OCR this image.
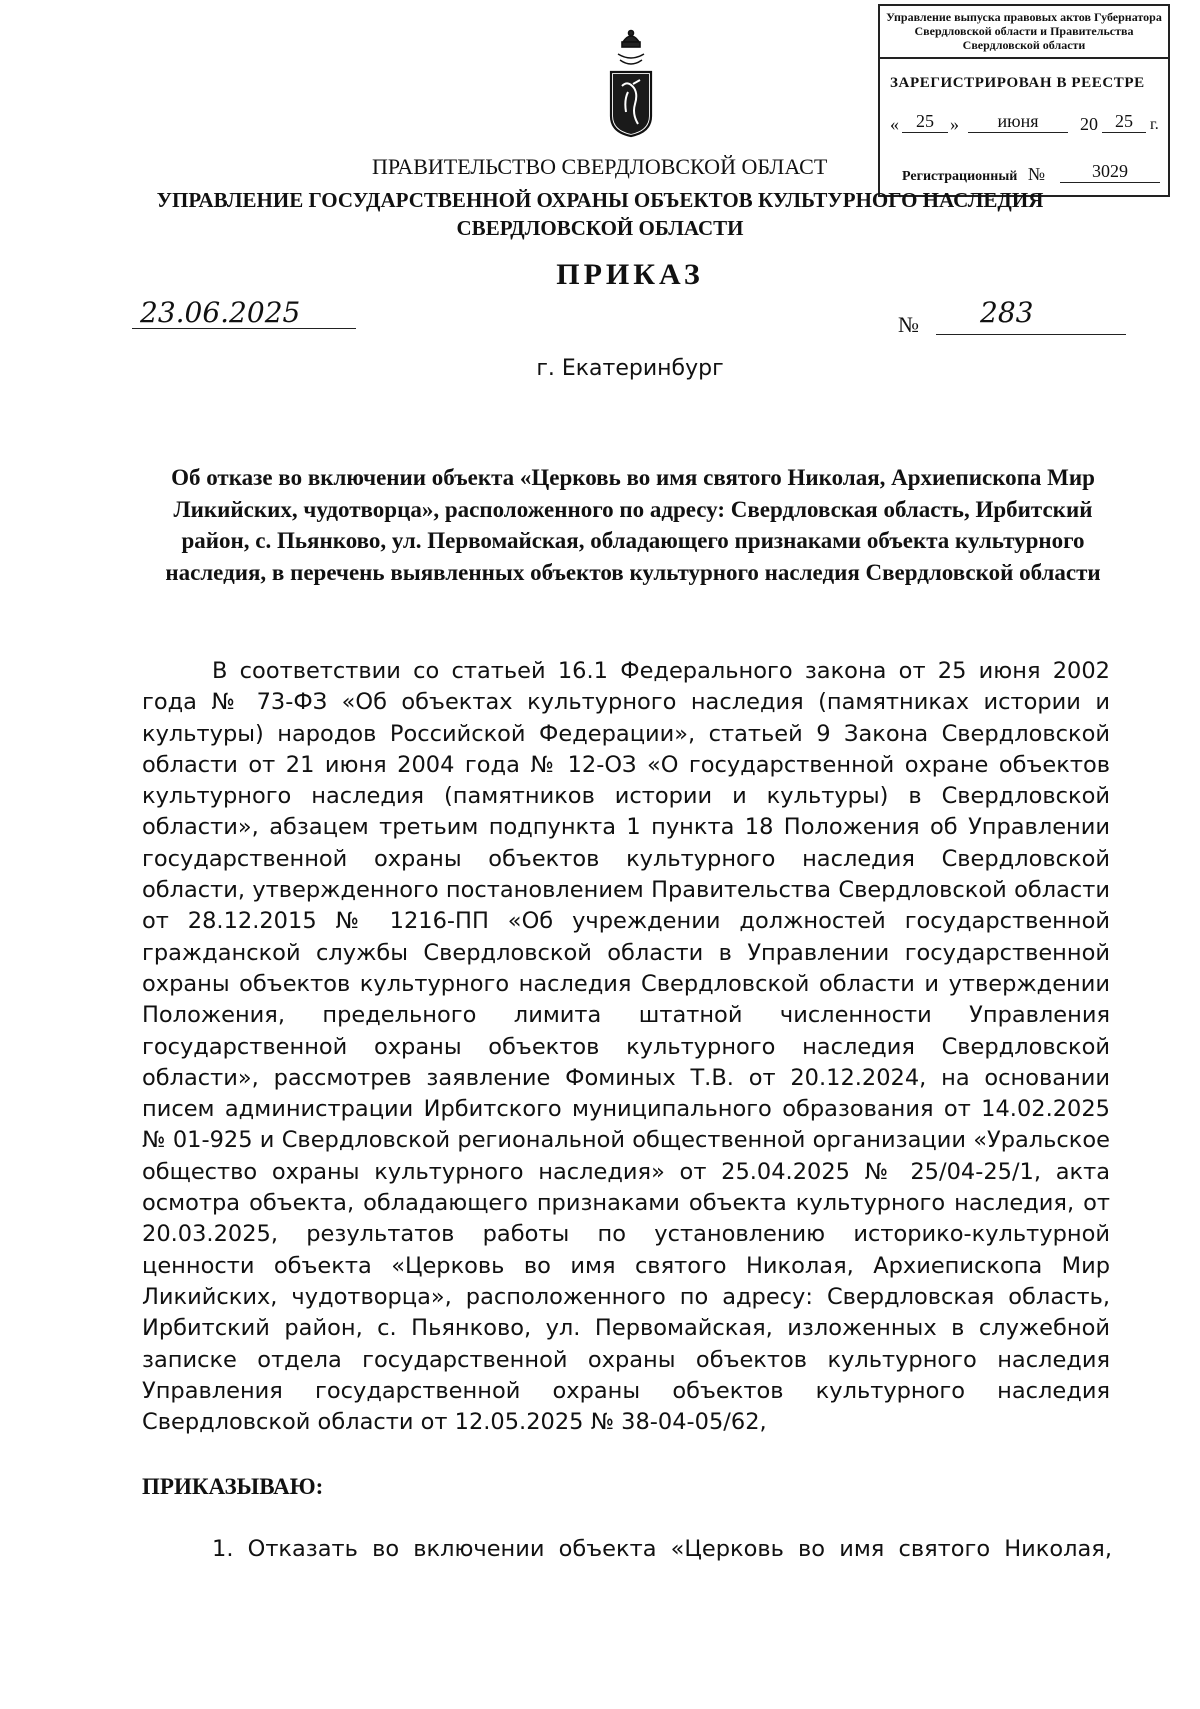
Управление выпуска правовых актов Губернатора Свердловской области и Правительства Свердловской области
ЗАРЕГИСТРИРОВАН В РЕЕСТРЕ
« 25 »	июня	20 25	г.
Регистрационный №	3029
ПРАВИТЕЛЬСТВО СВЕРДЛОВСКОЙ ОБЛАСТ
УПРАВЛЕНИЕ ГОСУДАРСТВЕННОЙ ОХРАНЫ ОБЪЕКТОВ КУЛЬТУРНОГО НАСЛЕДИЯ
СВЕРДЛОВСКОЙ ОБЛАСТИ
ПРИКАЗ
23.06.2025	№ 283
г. Екатеринбург
Об отказе во включении объекта «Церковь во имя святого Николая, Архиепископа Мир Ликийских, чудотворца», расположенного по адресу: Свердловская область, Ирбитский район, с. Пьянково, ул. Первомайская, обладающего признаками объекта культурного наследия, в перечень выявленных объектов культурного наследия Свердловской области
В соответствии со статьей 16.1 Федерального закона от 25 июня 2002 года № 73-ФЗ «Об объектах культурного наследия (памятниках истории и культуры) народов Российской Федерации», статьей 9 Закона Свердловской области от 21 июня 2004 года № 12-ОЗ «О государственной охране объектов культурного наследия (памятников истории и культуры) в Свердловской области», абзацем третьим подпункта 1 пункта 18 Положения об Управлении государственной охраны объектов культурного наследия Свердловской области, утвержденного постановлением Правительства Свердловской области от 28.12.2015 № 1216-ПП «Об учреждении должностей государственной гражданской службы Свердловской области в Управлении государственной охраны объектов культурного наследия Свердловской области и утверждении Положения, предельного лимита штатной численности Управления государственной охраны объектов культурного наследия Свердловской области», рассмотрев заявление Фоминых Т.В. от 20.12.2024, на основании писем администрации Ирбитского муниципального образования от 14.02.2025 № 01-925 и Свердловской региональной общественной организации «Уральское общество охраны культурного наследия» от 25.04.2025 № 25/04-25/1, акта осмотра объекта, обладающего признаками объекта культурного наследия, от 20.03.2025, результатов работы по установлению историко-культурной ценности объекта «Церковь во имя святого Николая, Архиепископа Мир Ликийских, чудотворца», расположенного по адресу: Свердловская область, Ирбитский район, с. Пьянково, ул. Первомайская, изложенных в служебной записке отдела государственной охраны объектов культурного наследия Управления государственной охраны объектов культурного наследия Свердловской области от 12.05.2025 № 38-04-05/62,
ПРИКАЗЫВАЮ:
1. Отказать во включении объекта «Церковь во имя святого Николая,
